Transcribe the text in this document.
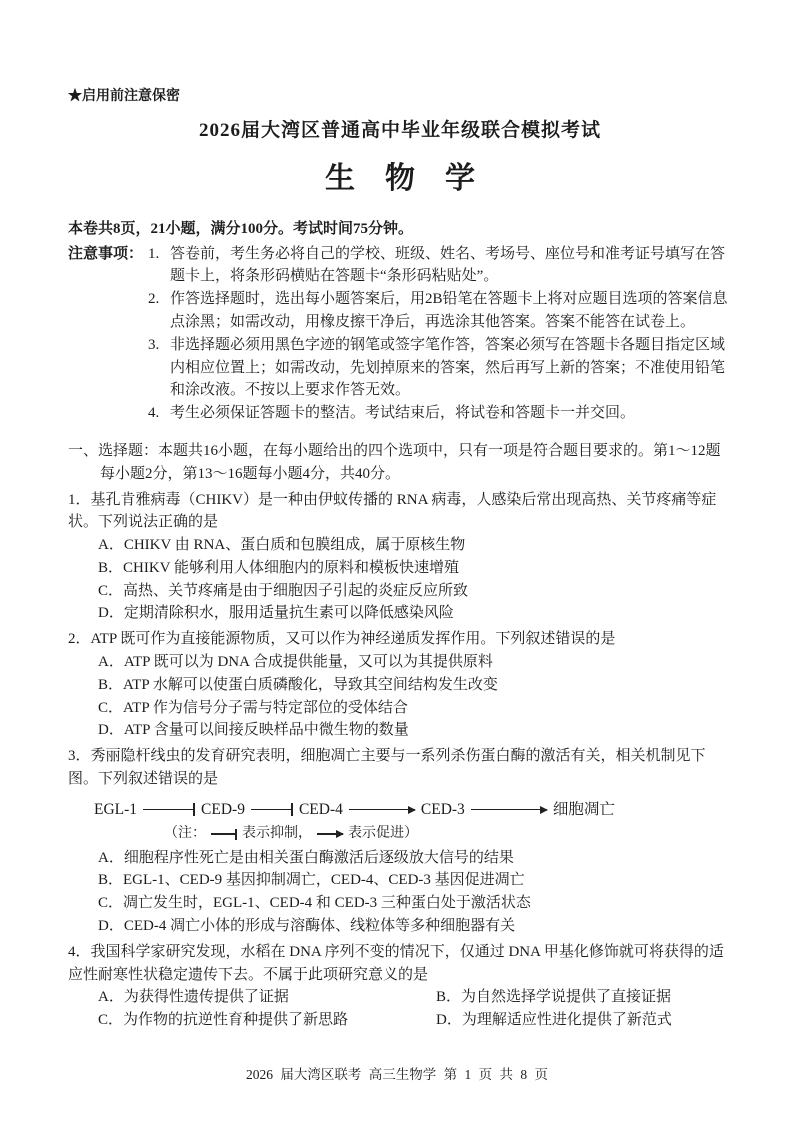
★启用前注意保密
2026届大湾区普通高中毕业年级联合模拟考试
生　物　学
本卷共8页，21小题，满分100分。考试时间75分钟。
注意事项： 1. 答卷前，考生务必将自己的学校、班级、姓名、考场号、座位号和准考证号填写在答题卡上，将条形码横贴在答题卡“条形码粘贴处”。
2. 作答选择题时，选出每小题答案后，用2B铅笔在答题卡上将对应题目选项的答案信息点涂黑；如需改动，用橡皮擦干净后，再选涂其他答案。答案不能答在试卷上。
3. 非选择题必须用黑色字迹的钢笔或签字笔作答，答案必须写在答题卡各题目指定区域内相应位置上；如需改动，先划掉原来的答案，然后再写上新的答案；不准使用铅笔和涂改液。不按以上要求作答无效。
4. 考生必须保证答题卡的整洁。考试结束后，将试卷和答题卡一并交回。
一、选择题：本题共16小题，在每小题给出的四个选项中，只有一项是符合题目要求的。第1～12题每小题2分，第13～16题每小题4分，共40分。

1．基孔肯雅病毒（CHIKV）是一种由伊蚊传播的 RNA 病毒，人感染后常出现高热、关节疼痛等症状。下列说法正确的是

A．CHIKV 由 RNA、蛋白质和包膜组成，属于原核生物
B．CHIKV 能够利用人体细胞内的原料和模板快速增殖
C．高热、关节疼痛是由于细胞因子引起的炎症反应所致
D．定期清除积水，服用适量抗生素可以降低感染风险

2．ATP 既可作为直接能源物质，又可以作为神经递质发挥作用。下列叙述错误的是

A．ATP 既可以为 DNA 合成提供能量，又可以为其提供原料
B．ATP 水解可以使蛋白质磷酸化，导致其空间结构发生改变
C．ATP 作为信号分子需与特定部位的受体结合
D．ATP 含量可以间接反映样品中微生物的数量

3．秀丽隐杆线虫的发育研究表明，细胞凋亡主要与一系列杀伤蛋白酶的激活有关，相关机制见下图。下列叙述错误的是

EGL-1	CED-9	CED-4	CED-3	细胞凋亡
（注：	表示抑制，	表示促进）
A．细胞程序性死亡是由相关蛋白酶激活后逐级放大信号的结果
B．EGL-1、CED-9 基因抑制凋亡，CED-4、CED-3 基因促进凋亡
C．凋亡发生时，EGL-1、CED-4 和 CED-3 三种蛋白处于激活状态
D．CED-4 凋亡小体的形成与溶酶体、线粒体等多种细胞器有关

4．我国科学家研究发现，水稻在 DNA 序列不变的情况下，仅通过 DNA 甲基化修饰就可将获得的适应性耐寒性状稳定遗传下去。不属于此项研究意义的是

A．为获得性遗传提供了证据	B．为自然选择学说提供了直接证据
C．为作物的抗逆性育种提供了新思路	D．为理解适应性进化提供了新范式
2026 届大湾区联考 高三生物学 第 1 页 共 8 页
